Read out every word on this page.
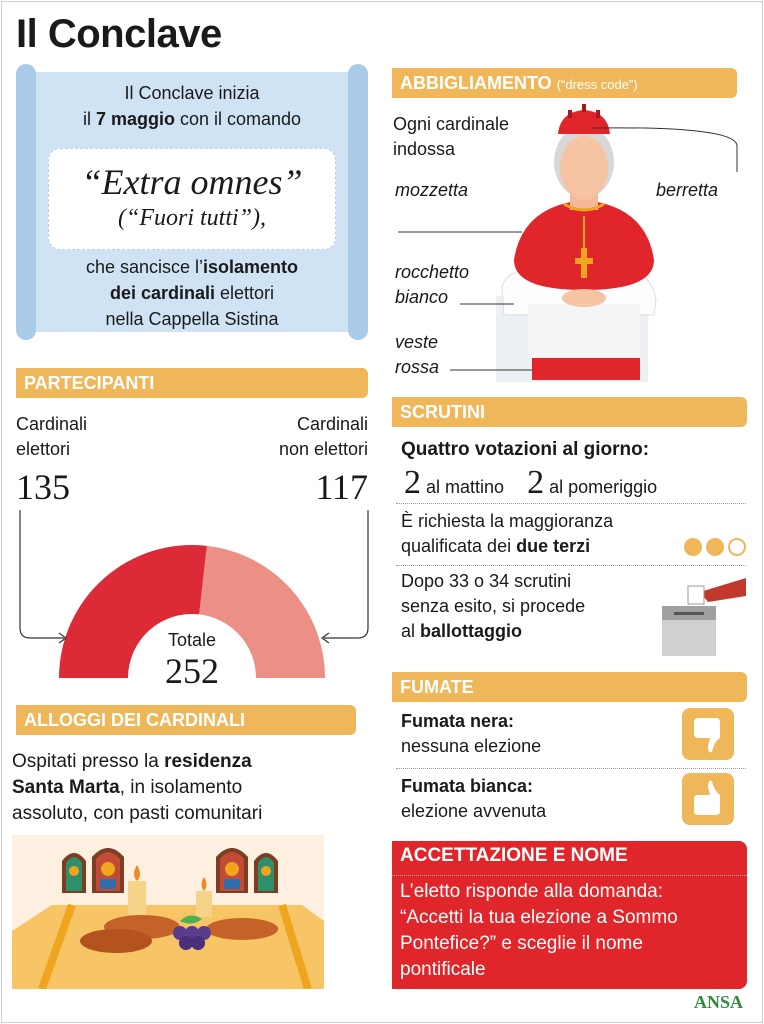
Il Conclave
Il Conclave inizia
il 7 maggio con il comando
“Extra omnes”
(“Fuori tutti”),
che sancisce l’isolamento
dei cardinali elettori
nella Cappella Sistina
PARTECIPANTI
Cardinali
elettori
135
Cardinali
non elettori
117
Totale
252
ALLOGGI DEI CARDINALI
Ospitati presso la residenza
Santa Marta, in isolamento
assoluto, con pasti comunitari
ABBIGLIAMENTO (“dress code”)
Ogni cardinale
indossa
mozzetta	berretta
rocchetto
bianco
veste
rossa
SCRUTINI
Quattro votazioni al giorno:
2 al mattino 2 al pomeriggio
È richiesta la maggioranza
qualificata dei due terzi
Dopo 33 o 34 scrutini
senza esito, si procede
al ballottaggio
FUMATE
Fumata nera:
nessuna elezione
Fumata bianca:
elezione avvenuta
ACCETTAZIONE E NOME
L’eletto risponde alla domanda:
“Accetti la tua elezione a Sommo
Pontefice?” e sceglie il nome
pontificale
ANSA
